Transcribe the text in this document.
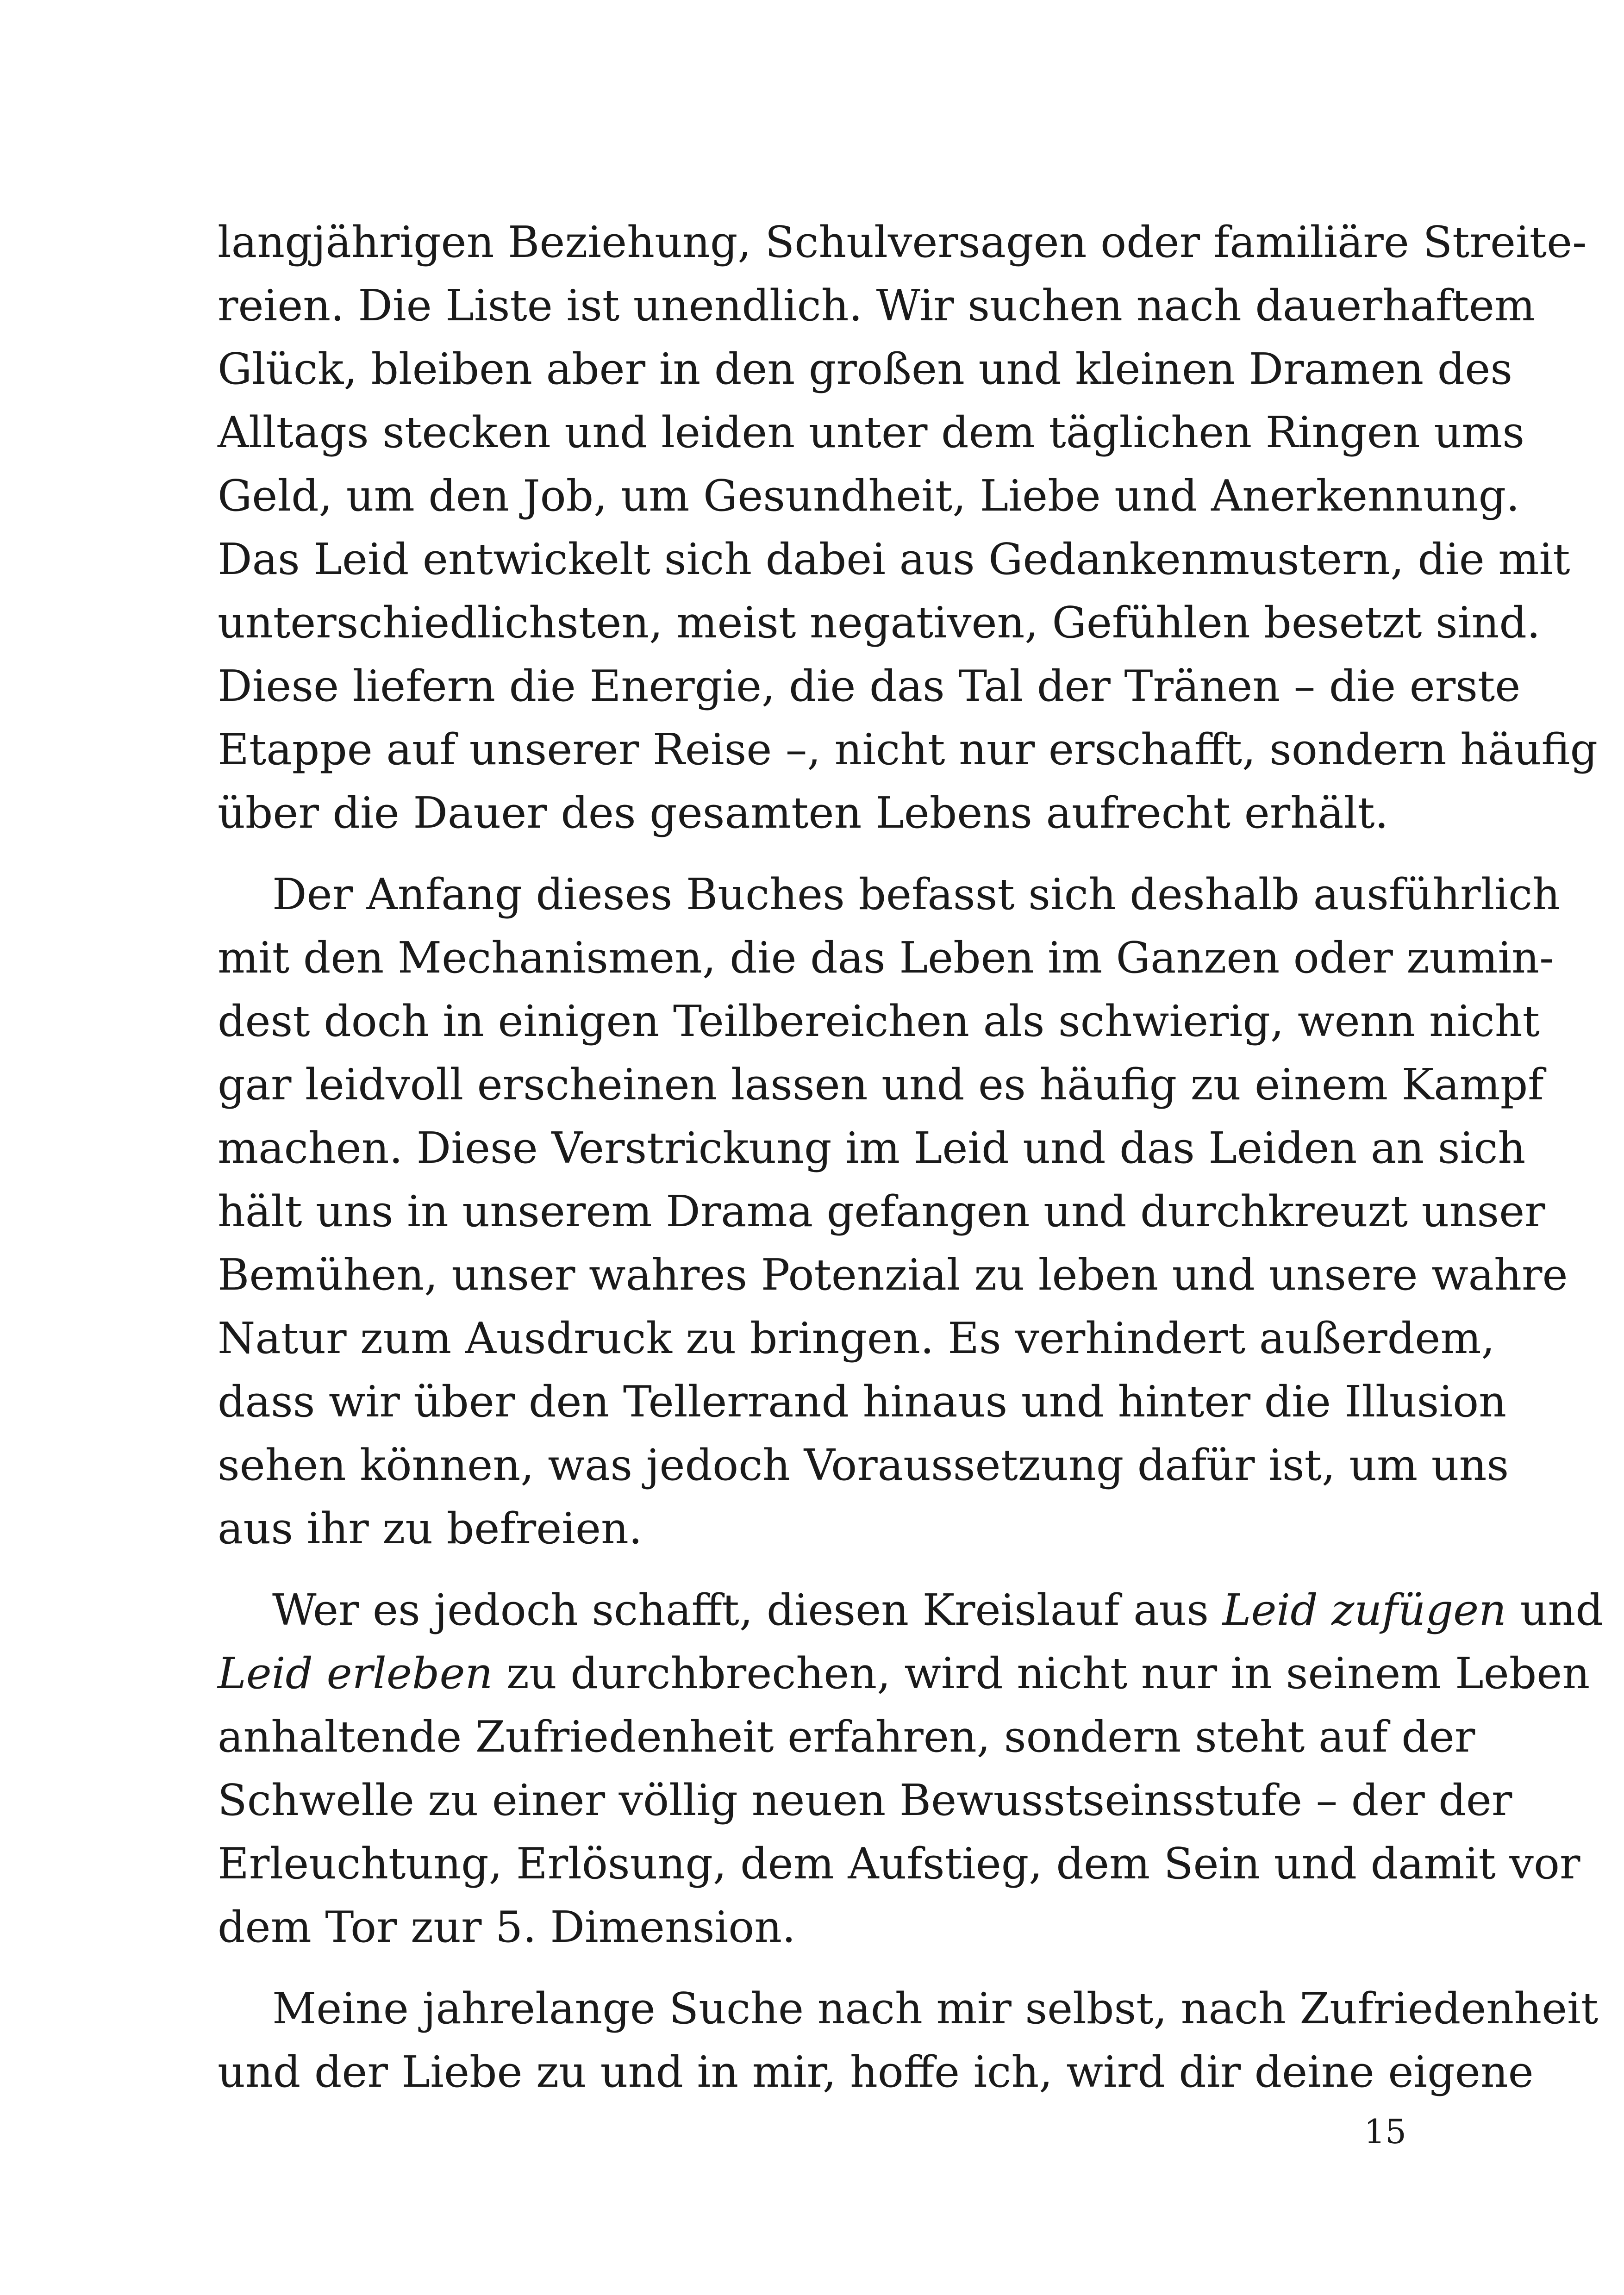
langjährigen Beziehung, Schulversagen oder familiäre Streite-
reien. Die Liste ist unendlich. Wir suchen nach dauerhaftem
Glück, bleiben aber in den großen und kleinen Dramen des
Alltags stecken und leiden unter dem täglichen Ringen ums
Geld, um den Job, um Gesundheit, Liebe und Anerkennung.
Das Leid entwickelt sich dabei aus Gedankenmustern, die mit
unterschiedlichsten, meist negativen, Gefühlen besetzt sind.
Diese liefern die Energie, die das Tal der Tränen – die erste
Etappe auf unserer Reise –, nicht nur erschafft, sondern häufig
über die Dauer des gesamten Lebens aufrecht erhält.
Der Anfang dieses Buches befasst sich deshalb ausführlich
mit den Mechanismen, die das Leben im Ganzen oder zumin-
dest doch in einigen Teilbereichen als schwierig, wenn nicht
gar leidvoll erscheinen lassen und es häufig zu einem Kampf
machen. Diese Verstrickung im Leid und das Leiden an sich
hält uns in unserem Drama gefangen und durchkreuzt unser
Bemühen, unser wahres Potenzial zu leben und unsere wahre
Natur zum Ausdruck zu bringen. Es verhindert außerdem,
dass wir über den Tellerrand hinaus und hinter die Illusion
sehen können, was jedoch Voraussetzung dafür ist, um uns
aus ihr zu befreien.
Wer es jedoch schafft, diesen Kreislauf aus Leid zufügen und
Leid erleben zu durchbrechen, wird nicht nur in seinem Leben
anhaltende Zufriedenheit erfahren, sondern steht auf der
Schwelle zu einer völlig neuen Bewusstseinsstufe – der der
Erleuchtung, Erlösung, dem Aufstieg, dem Sein und damit vor
dem Tor zur 5. Dimension.
Meine jahrelange Suche nach mir selbst, nach Zufriedenheit
und der Liebe zu und in mir, hoffe ich, wird dir deine eigene
15
